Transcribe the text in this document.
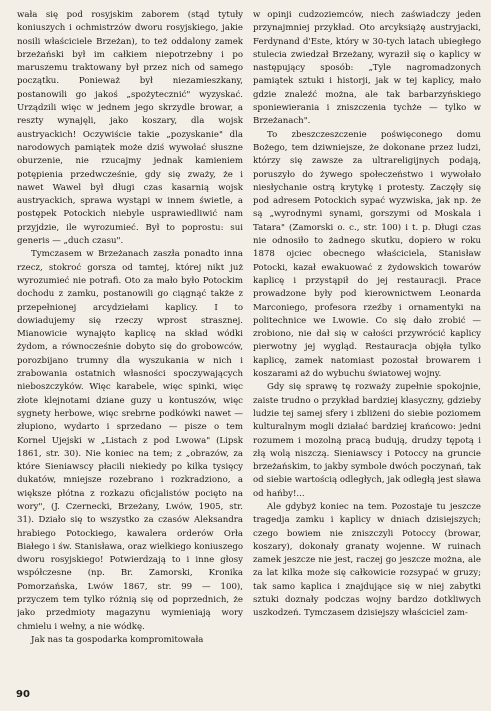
wała się pod rosyjskim zaborem (stąd tytuły koniuszych i ochmistrzów dworu rosyjskiego, jakie nosili właściciele Brzeżan), to też oddalony zamek brzeżański był im całkiem niepotrzebny i po maruszemu traktowany był przez nich od samego początku. Ponieważ był niezamieszkany, postanowili go jakoś „spożytecznić" wyzyskać. Urządzili więc w jednem jego skrzydle browar, a reszty wynajęli, jako koszary, dla wojsk austryackich! Oczywiście takie „pozyskanie" dla narodowych pamiątek może dziś wywołać słuszne oburzenie, nie rzucajmy jednak kamieniem potępienia przedwcześnie, gdy się zważy, że i nawet Wawel był długi czas kasarnią wojsk austryackich, sprawa wystąpi w innem świetle, a postępek Potockich niebyle usprawiedliwić nam przyjdzie, ile wyrozumieć. Był to poprostu: sui generis — „duch czasu".

Tymczasem w Brzeżanach zaszła ponadto inna rzecz, stokroć gorsza od tamtej, której nikt już wyrozumieć nie potrafi. Oto za mało było Potockim dochodu z zamku, postanowili go ciągnąć także z przepełnionej arcydziełami kaplicy. I to dowiadujemy się rzeczy wprost strasznej. Mianowicie wynajęto kaplicę na skład wódki żydom, a równocześnie dobyto się do grobowców, porozbijano trumny dla wyszukania w nich i zrabowania ostatnich własności spoczywających nieboszczyków. Więc karabele, więc spinki, więc złote klejnotami dziane guzy u kontuszów, więc sygnety herbowe, więc srebrne podkówki nawet — złupiono, wydarto i sprzedano — pisze o tem Kornel Ujejski w „Listach z pod Lwowa" (Lipsk 1861, str. 30). Nie koniec na tem; z „obrazów, za które Sieniawscy płacili niekiedy po kilka tysięcy dukatów, mniejsze rozebrano i rozkradziono, a większe płótna z rozkazu oficjalistów pocięto na wory", (J. Czernecki, Brzeżany, Lwów, 1905, str. 31). Działo się to wszystko za czasów Aleksandra hrabiego Potockiego, kawalera orderów Orła Białego i św. Stanisława, oraz wielkiego koniuszego dworu rosyjskiego! Potwierdzają to i inne głosy współczesne (np. Br. Zamorski, Kronika Pomorzańska, Lwów 1867, str. 99 — 100), przyczem tem tylko różnią się od poprzednich, że jako przedmioty magazynu wymieniają wory chmielu i wełny, a nie wódkę.

Jak nas ta gospodarka kompromitowała

w opinji cudzoziemców, niech zaświadczy jeden przynajmniej przykład. Oto arcyksiążę austryjacki, Ferdynand d'Este, który w 30-tych latach ubiegłego stulecia zwiedzał Brzeżany, wyraził się o kaplicy w następujący sposób: „Tyle nagromadzonych pamiątek sztuki i historji, jak w tej kaplicy, mało gdzie znaleźć można, ale tak barbarzyńskiego sponiewierania i zniszczenia tychże — tylko w Brzeżanach".

To zbeszczeszczenie poświęconego domu Bożego, tem dziwniejsze, że dokonane przez ludzi, którzy się zawsze za ultrareligijnych podają, poruszyło do żywego społeczeństwo i wywołało niesłychanie ostrą krytykę i protesty. Zaczęły się pod adresem Potockich sypać wyzwiska, jak np. że są „wyrodnymi synami, gorszymi od Moskala i Tatara" (Zamorski o. c., str. 100) i t. p. Długi czas nie odnosiło to żadnego skutku, dopiero w roku 1878 ojciec obecnego właściciela, Stanisław Potocki, kazał ewakuować z żydowskich towarów kaplicę i przystąpił do jej restauracji. Prace prowadzone były pod kierownictwem Leonarda Marconiego, profesora rzeźby i ornamentyki na politechnice we Lwowie. Co się dało zrobić — zrobiono, nie dał się w całości przywrócić kaplicy pierwotny jej wygląd. Restauracja objęła tylko kaplicę, zamek natomiast pozostał browarem i koszarami aż do wybuchu światowej wojny.

Gdy się sprawę tę rozważy zupełnie spokojnie, zaiste trudno o przykład bardziej klasyczny, gdzieby ludzie tej samej sfery i zbliżeni do siebie poziomem kulturalnym mogli działać bardziej krańcowo: jedni rozumem i mozolną pracą budują, drudzy tępotą i złą wolą niszczą. Sieniawscy i Potoccy na gruncie brzeżańskim, to jakby symbole dwóch poczynań, tak od siebie wartością odległych, jak odległą jest sława od hańby!...

Ale gdybyż koniec na tem. Pozostaje tu jeszcze tragedja zamku i kaplicy w dniach dzisiejszych; czego bowiem nie zniszczyli Potoccy (browar, koszary), dokonały granaty wojenne. W ruinach zamek jeszcze nie jest, raczej go jeszcze można, ale za lat kilka może się całkowicie rozsypać w gruzy; tak samo kaplica i znajdujące się w niej zabytki sztuki doznały podczas wojny bardzo dotkliwych uszkodzeń. Tymczasem dzisiejszy właściciel zam-

90
